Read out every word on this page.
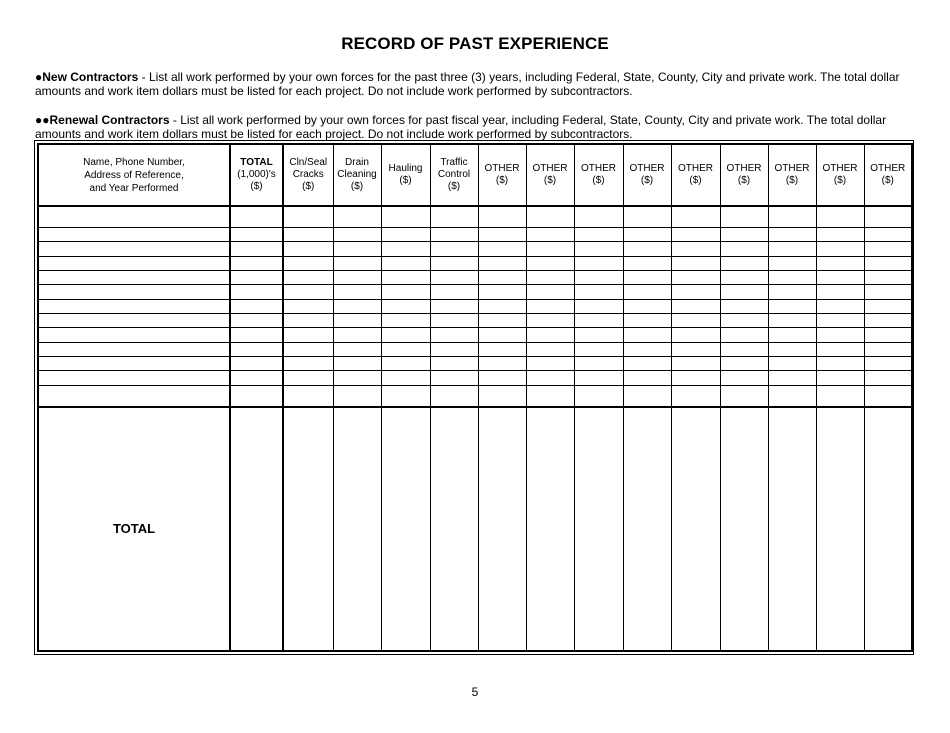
RECORD OF PAST EXPERIENCE
●New Contractors - List all work performed by your own forces for the past three (3) years, including Federal, State, County, City and private work. The total dollar amounts and work item dollars must be listed for each project. Do not include work performed by subcontractors.
●●Renewal Contractors - List all work performed by your own forces for past fiscal year, including Federal, State, County, City and private work. The total dollar amounts and work item dollars must be listed for each project. Do not include work performed by subcontractors.
Name, Phone Number,
Address of Reference,
and Year Performed	TOTAL
(1,000)'s
($)	Cln/Seal
Cracks
($)	Drain
Cleaning
($)	Hauling
($)	Traffic
Control
($)	OTHER
($)	OTHER
($)	OTHER
($)	OTHER
($)	OTHER
($)	OTHER
($)	OTHER
($)	OTHER
($)	OTHER
($)

TOTAL														
5
